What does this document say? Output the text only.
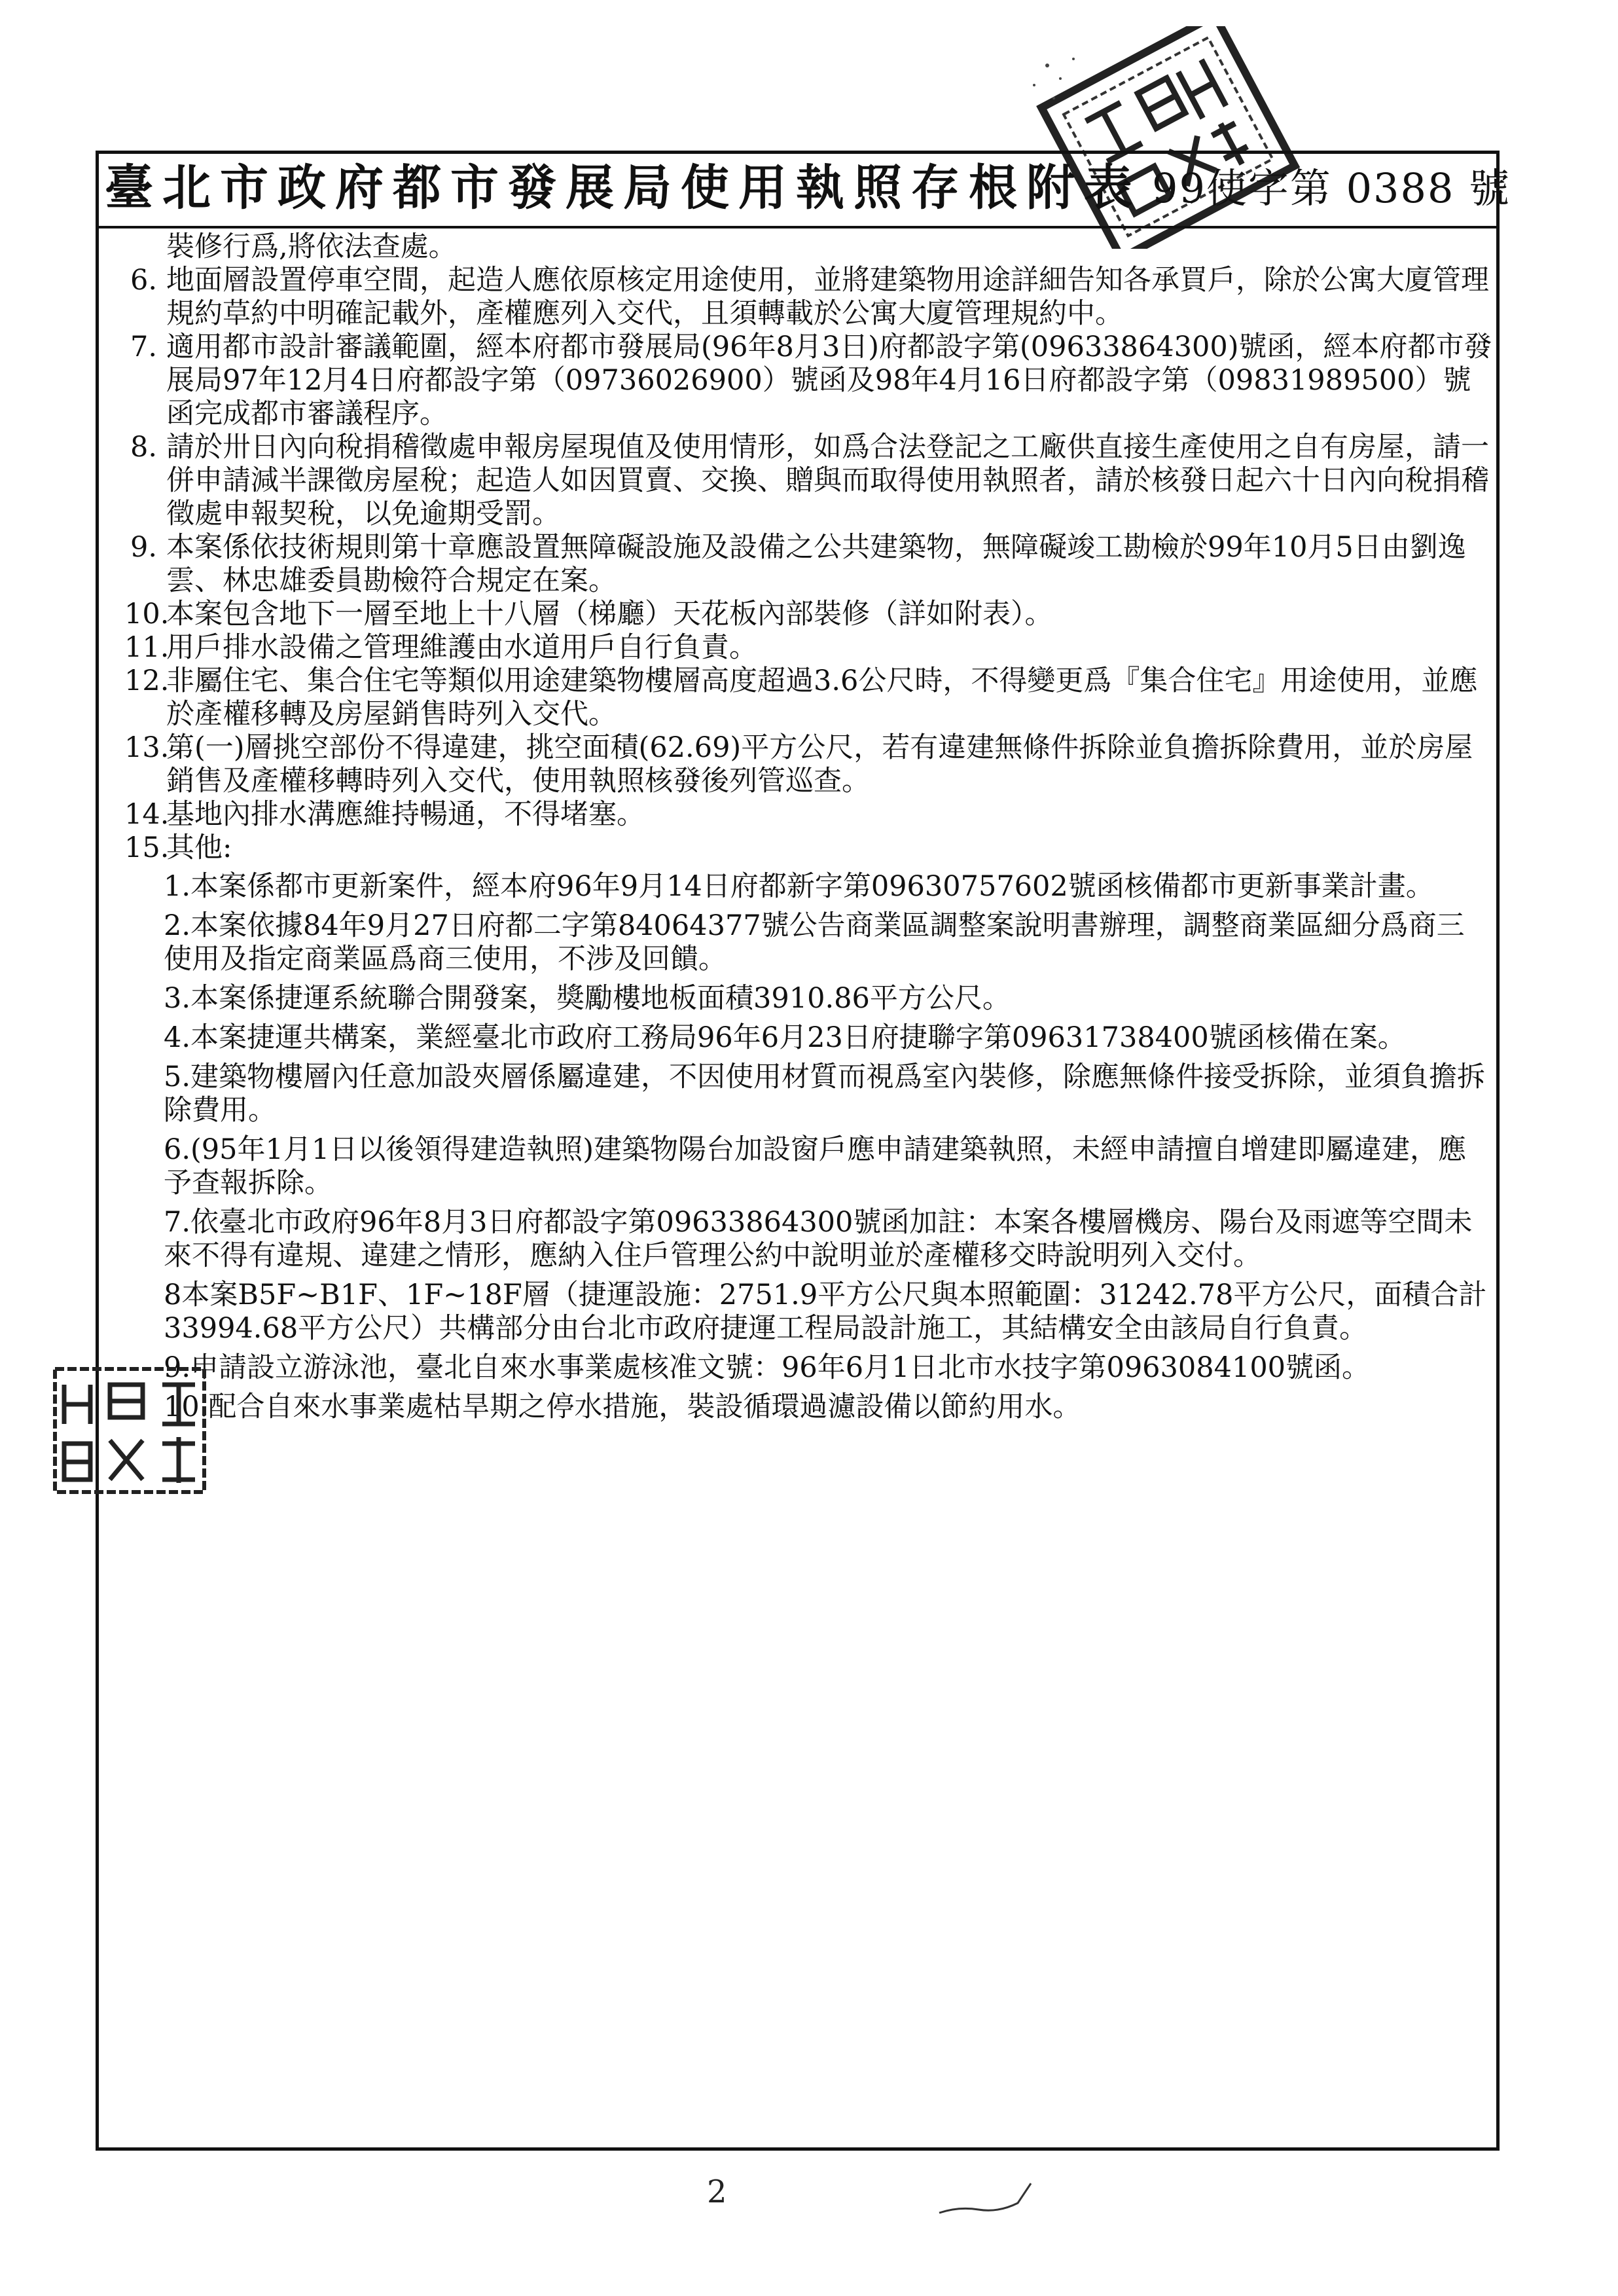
臺北市政府都市發展局使用執照存根附表 99使字第 0388 號
裝修行爲,將依法查處。
6. 地面層設置停車空間，起造人應依原核定用途使用，並將建築物用途詳細告知各承買戶，除於公寓大廈管理規約草約中明確記載外，產權應列入交代，且須轉載於公寓大廈管理規約中。
7. 適用都市設計審議範圍，經本府都市發展局(96年8月3日)府都設字第(09633864300)號函，經本府都市發展局97年12月4日府都設字第（09736026900）號函及98年4月16日府都設字第（09831989500）號函完成都市審議程序。
8. 請於卅日內向稅捐稽徵處申報房屋現值及使用情形，如爲合法登記之工廠供直接生產使用之自有房屋，請一併申請減半課徵房屋稅；起造人如因買賣、交換、贈與而取得使用執照者，請於核發日起六十日內向稅捐稽徵處申報契稅，以免逾期受罰。
9. 本案係依技術規則第十章應設置無障礙設施及設備之公共建築物，無障礙竣工勘檢於99年10月5日由劉逸雲、林忠雄委員勘檢符合規定在案。
10.
本案包含地下一層至地上十八層（梯廳）天花板內部裝修（詳如附表）。
11.
用戶排水設備之管理維護由水道用戶自行負責。
12.
非屬住宅、集合住宅等類似用途建築物樓層高度超過3.6公尺時，不得變更爲『集合住宅』用途使用，並應於產權移轉及房屋銷售時列入交代。
13.
第(一)層挑空部份不得違建，挑空面積(62.69)平方公尺，若有違建無條件拆除並負擔拆除費用，並於房屋銷售及產權移轉時列入交代，使用執照核發後列管巡查。
14.
基地內排水溝應維持暢通，不得堵塞。
15.
其他:
1.本案係都市更新案件，經本府96年9月14日府都新字第09630757602號函核備都市更新事業計畫。
2.本案依據84年9月27日府都二字第84064377號公告商業區調整案說明書辦理，調整商業區細分爲商三使用及指定商業區爲商三使用，不涉及回饋。
3.本案係捷運系統聯合開發案，獎勵樓地板面積3910.86平方公尺。
4.本案捷運共構案，業經臺北市政府工務局96年6月23日府捷聯字第09631738400號函核備在案。
5.建築物樓層內任意加設夾層係屬違建，不因使用材質而視爲室內裝修，除應無條件接受拆除，並須負擔拆除費用。
6.(95年1月1日以後領得建造執照)建築物陽台加設窗戶應申請建築執照，未經申請擅自增建即屬違建，應予查報拆除。
7.依臺北市政府96年8月3日府都設字第09633864300號函加註：本案各樓層機房、陽台及雨遮等空間未來不得有違規、違建之情形，應納入住戶管理公約中說明並於產權移交時說明列入交付。
8本案B5F~B1F、1F~18F層（捷運設施：2751.9平方公尺與本照範圍：31242.78平方公尺，面積合計33994.68平方公尺）共構部分由台北市政府捷運工程局設計施工，其結構安全由該局自行負責。
9.申請設立游泳池，臺北自來水事業處核准文號：96年6月1日北市水技字第0963084100號函。
10.配合自來水事業處枯旱期之停水措施，裝設循環過濾設備以節約用水。
2
